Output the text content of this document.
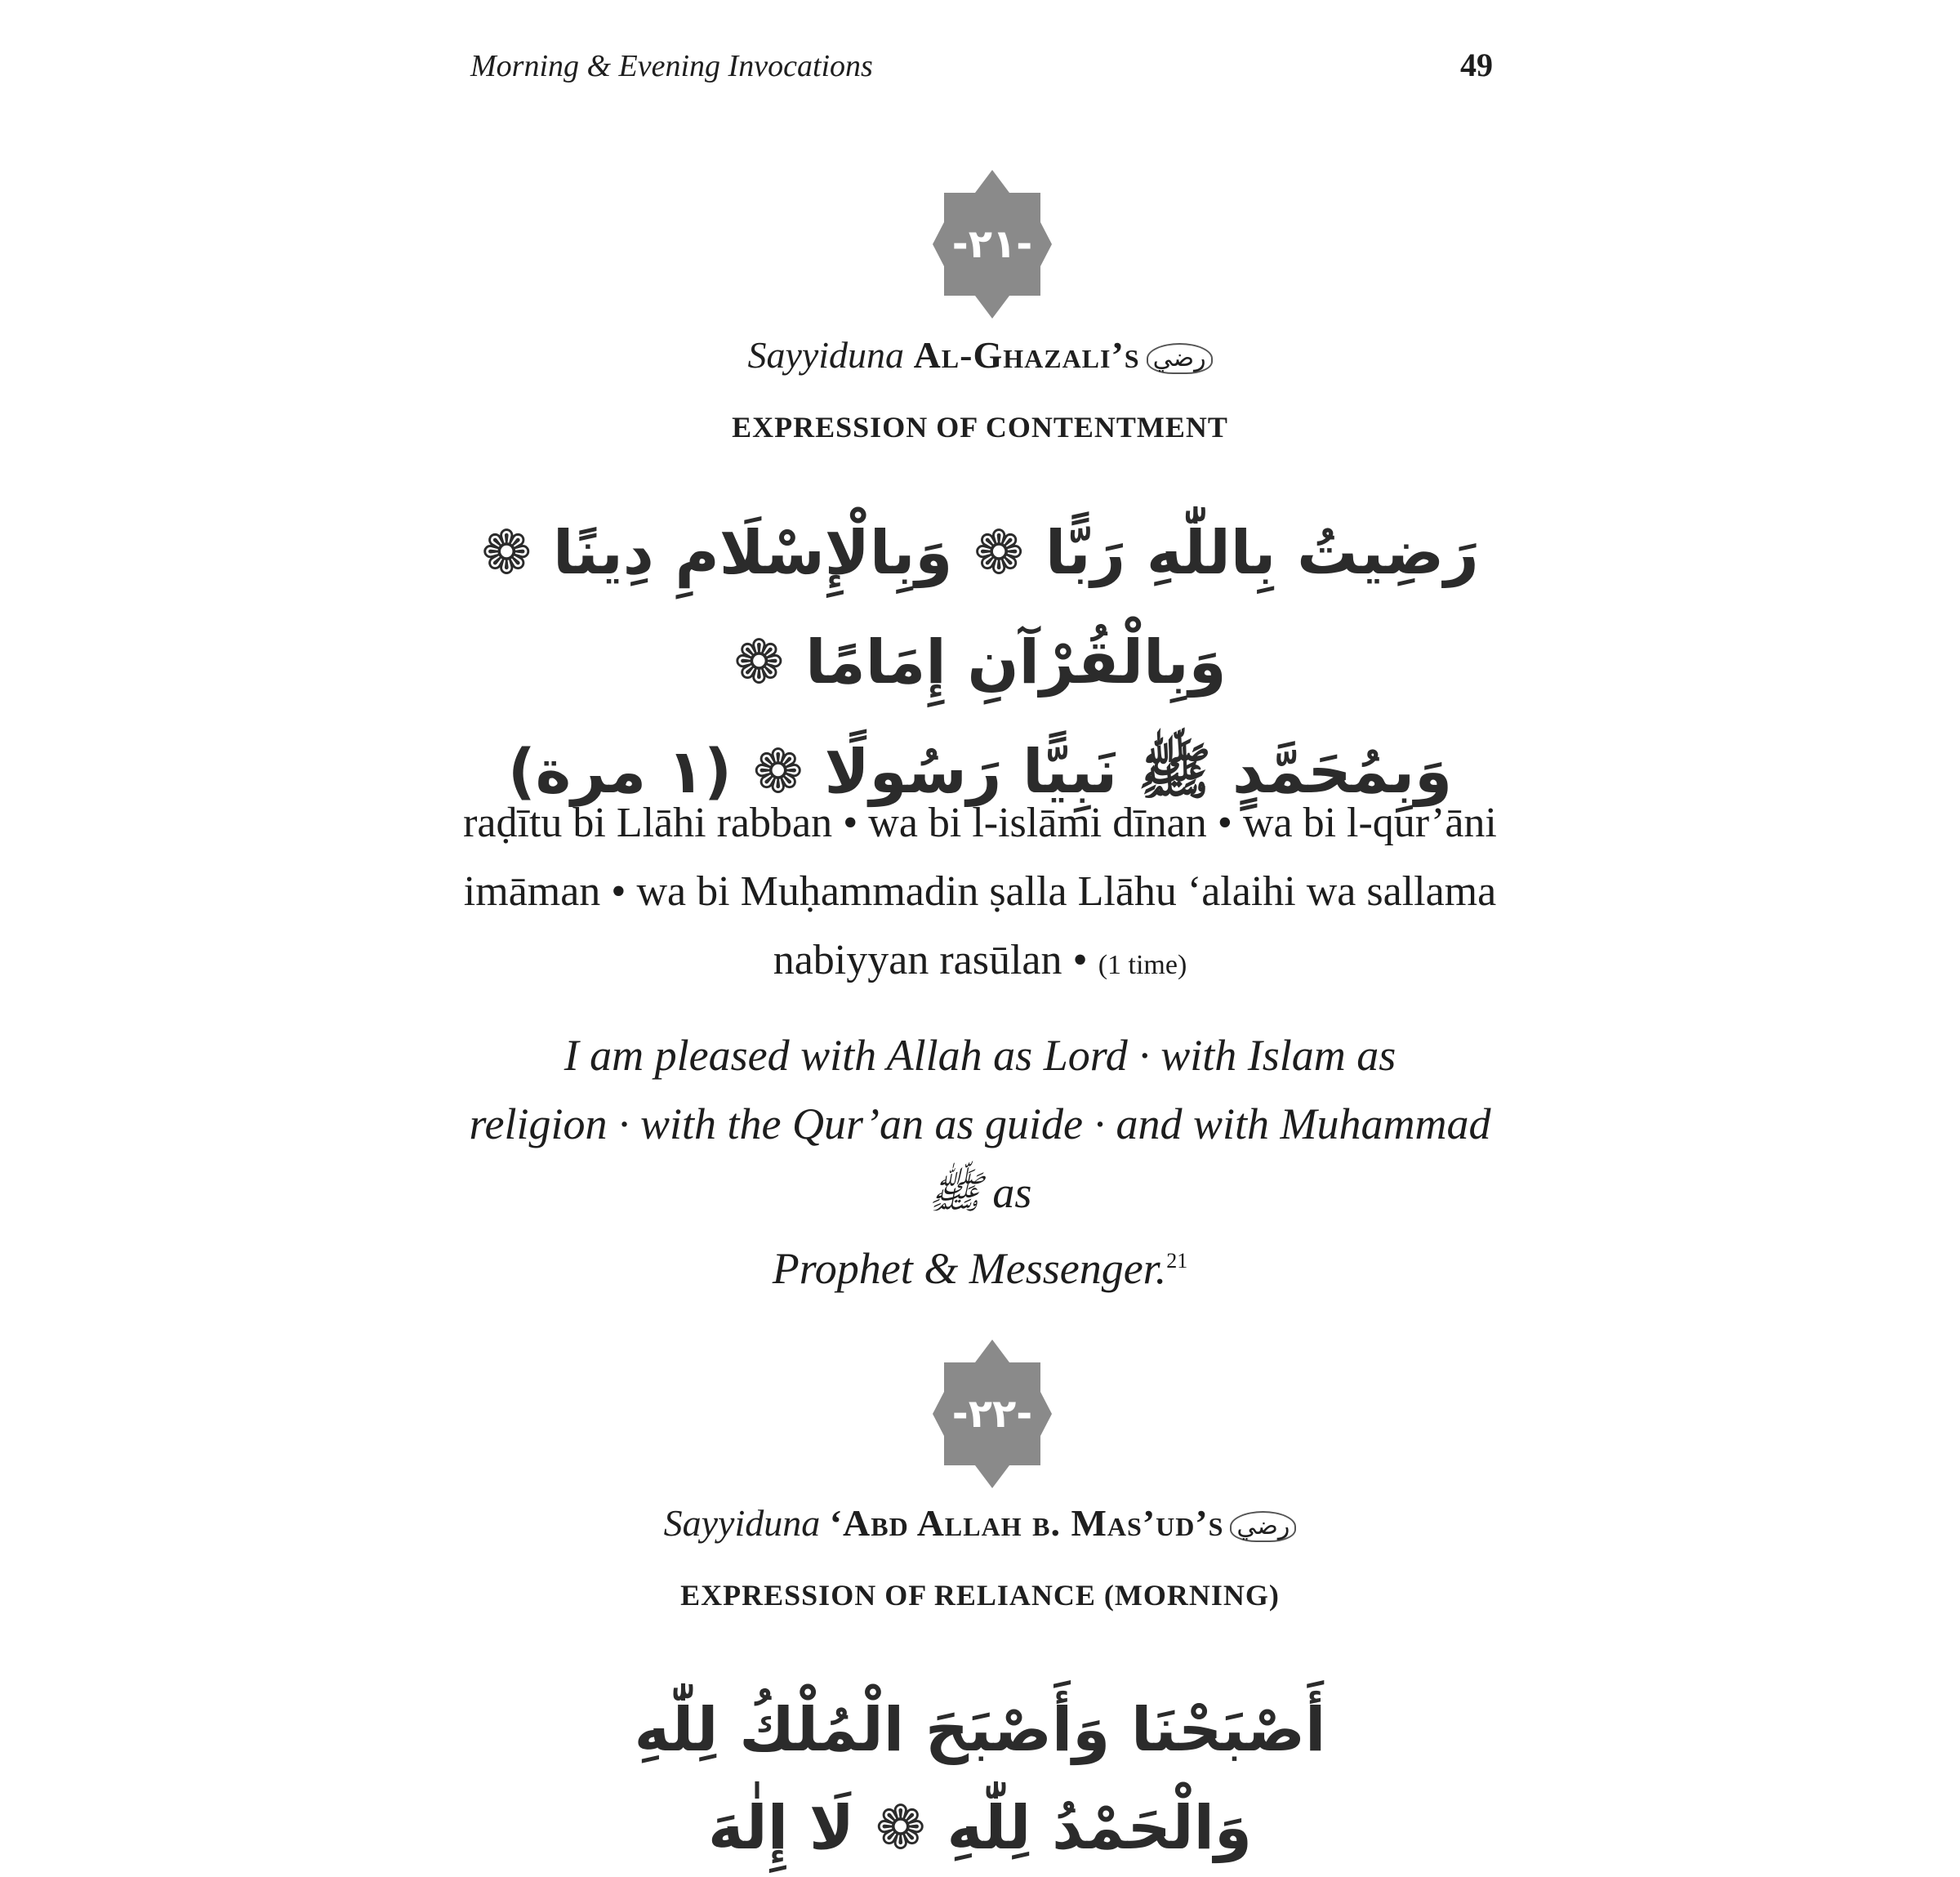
Morning & Evening Invocations	49
-٢١-
Sayyiduna Al-Ghazali’s رضي
EXPRESSION OF CONTENTMENT
رَضِيتُ بِاللّٰهِ رَبًّا ❁ وَبِالْإِسْلَامِ دِينًا ❁ وَبِالْقُرْآنِ إِمَامًا ❁
وَبِمُحَمَّدٍ ﷺ نَبِيًّا رَسُولًا ❁ (١ مرة)
raḍītu bi Llāhi rabban • wa bi l-islāmi dīnan • wa bi l-qur’āni
imāman • wa bi Muḥammadin ṣalla Llāhu ‘alaihi wa sallama
nabiyyan rasūlan • (1 time)
I am pleased with Allah as Lord · with Islam as
religion · with the Qur’an as guide · and with Muhammad ﷺ as
Prophet & Messenger.$^{21}$
-٢٢-
Sayyiduna ‘Abd Allah b. Mas’ud’s رضي
EXPRESSION OF RELIANCE (MORNING)
أَصْبَحْنَا وَأَصْبَحَ الْمُلْكُ لِلّٰهِ وَالْحَمْدُ لِلّٰهِ ❁ لَا إِلٰهَ
